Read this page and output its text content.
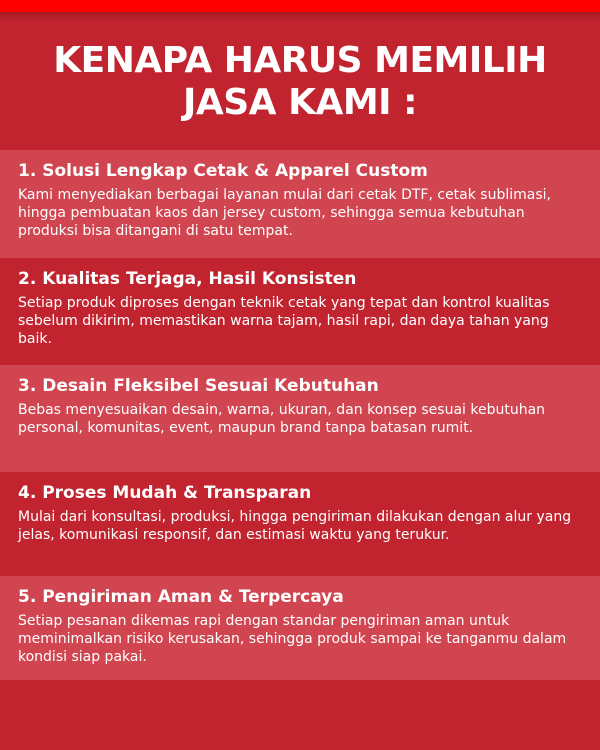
KENAPA HARUS MEMILIH
JASA KAMI :
1. Solusi Lengkap Cetak & Apparel Custom

Kami menyediakan berbagai layanan mulai dari cetak DTF, cetak sublimasi, hingga pembuatan kaos dan jersey custom, sehingga semua kebutuhan produksi bisa ditangani di satu tempat.

2. Kualitas Terjaga, Hasil Konsisten

Setiap produk diproses dengan teknik cetak yang tepat dan kontrol kualitas sebelum dikirim, memastikan warna tajam, hasil rapi, dan daya tahan yang baik.

3. Desain Fleksibel Sesuai Kebutuhan

Bebas menyesuaikan desain, warna, ukuran, dan konsep sesuai kebutuhan personal, komunitas, event, maupun brand tanpa batasan rumit.

4. Proses Mudah & Transparan

Mulai dari konsultasi, produksi, hingga pengiriman dilakukan dengan alur yang jelas, komunikasi responsif, dan estimasi waktu yang terukur.

5. Pengiriman Aman & Terpercaya

Setiap pesanan dikemas rapi dengan standar pengiriman aman untuk meminimalkan risiko kerusakan, sehingga produk sampai ke tanganmu dalam kondisi siap pakai.
